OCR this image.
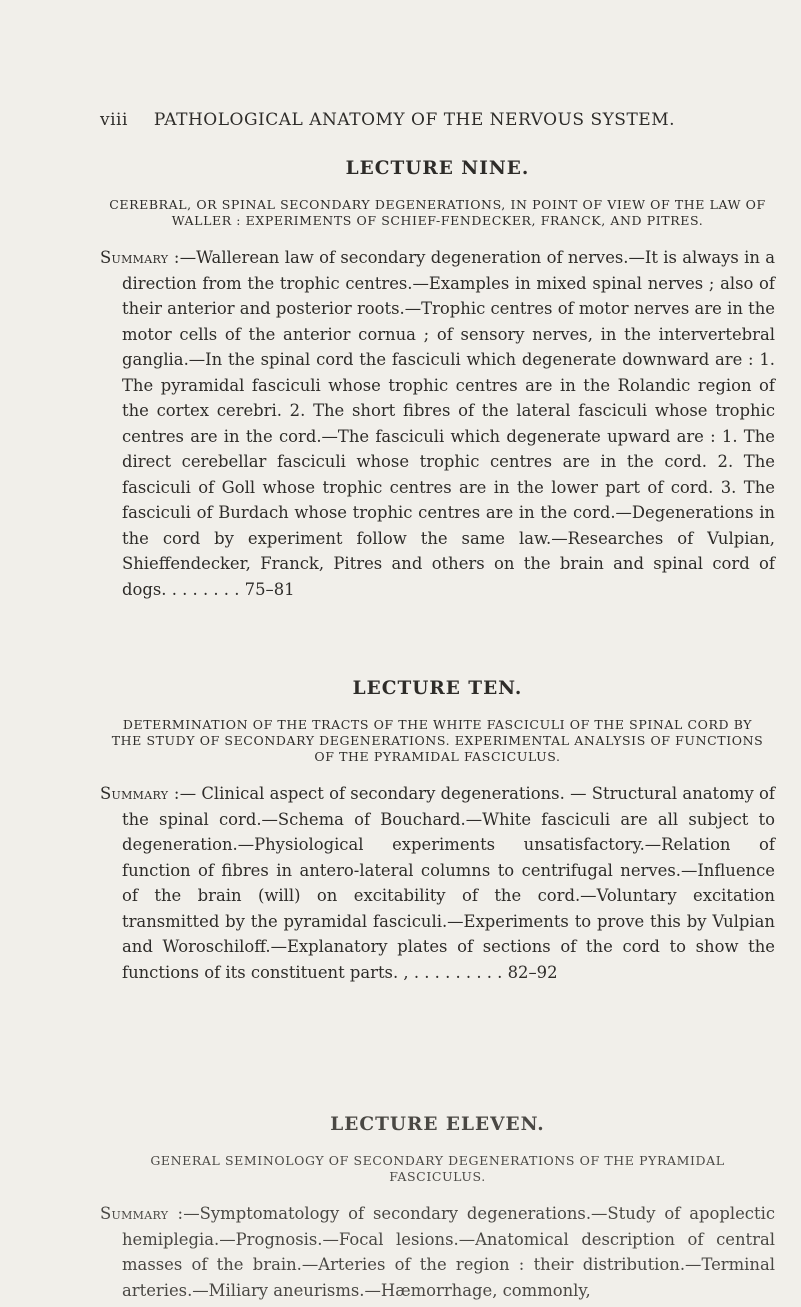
viii PATHOLOGICAL ANATOMY OF THE NERVOUS SYSTEM.
LECTURE NINE.

CEREBRAL, OR SPINAL SECONDARY DEGENERATIONS, IN POINT OF VIEW OF THE LAW OF WALLER : EXPERIMENTS OF SCHIEF-FENDECKER, FRANCK, AND PITRES.

Summary :—Wallerean law of secondary degeneration of nerves.—It is always in a direction from the trophic centres.—Examples in mixed spinal nerves ; also of their anterior and posterior roots.—Trophic centres of motor nerves are in the motor cells of the anterior cornua ; of sensory nerves, in the intervertebral ganglia.—In the spinal cord the fasciculi which degenerate downward are : 1. The pyramidal fasciculi whose trophic centres are in the Rolandic region of the cortex cerebri. 2. The short fibres of the lateral fasciculi whose trophic centres are in the cord.—The fasciculi which degenerate upward are : 1. The direct cerebellar fasciculi whose trophic centres are in the cord. 2. The fasciculi of Goll whose trophic centres are in the lower part of cord. 3. The fasciculi of Burdach whose trophic centres are in the cord.—Degenerations in the cord by experiment follow the same law.—Researches of Vulpian, Shieffendecker, Franck, Pitres and others on the brain and spinal cord of dogs. . . . . . . . 75–81

LECTURE TEN.

DETERMINATION OF THE TRACTS OF THE WHITE FASCICULI OF THE SPINAL CORD BY THE STUDY OF SECONDARY DEGENERATIONS. EXPERIMENTAL ANALYSIS OF FUNCTIONS OF THE PYRAMIDAL FASCICULUS.

Summary :— Clinical aspect of secondary degenerations. — Structural anatomy of the spinal cord.—Schema of Bouchard.—White fasciculi are all subject to degeneration.—Physiological experiments unsatisfactory.—Relation of function of fibres in antero-lateral columns to centrifugal nerves.—Influence of the brain (will) on excitability of the cord.—Voluntary excitation transmitted by the pyramidal fasciculi.—Experiments to prove this by Vulpian and Woroschiloff.—Explanatory plates of sections of the cord to show the functions of its constituent parts. , . . . . . . . . . 82–92

LECTURE ELEVEN.

GENERAL SEMINOLOGY OF SECONDARY DEGENERATIONS OF THE PYRAMIDAL FASCICULUS.

Summary :—Symptomatology of secondary degenerations.—Study of apoplectic hemiplegia.—Prognosis.—Focal lesions.—Anatomical description of central masses of the brain.—Arteries of the region : their distribution.—Terminal arteries.—Miliary aneurisms.—Hæmorrhage, commonly,
